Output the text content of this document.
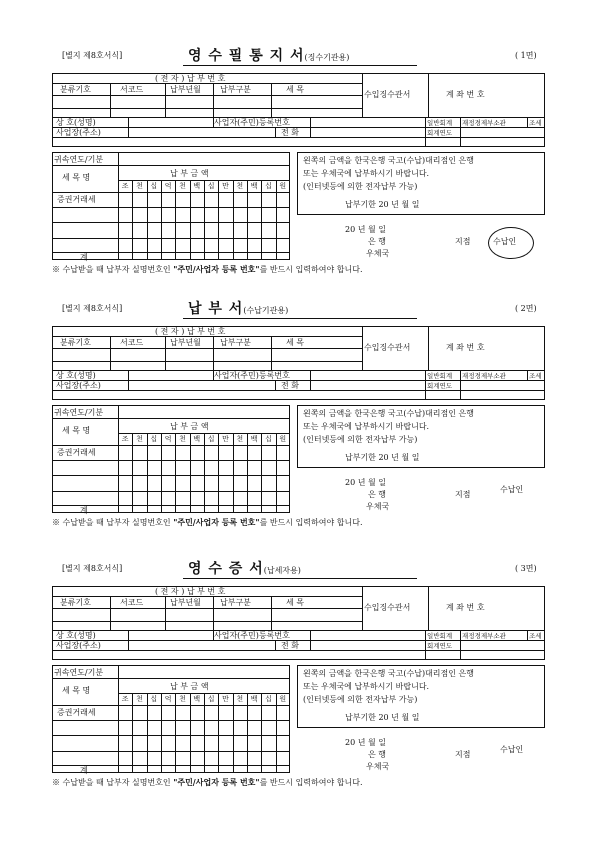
[별지 제8호서식]	영 수 필 통 지 서(징수기관용)	( 1면)
( 전 자 ) 납 부 번 호
분류기호	서코드	납부년월 납부구분	세 목
수입징수관서	계 좌 번 호
상 호(성명)	사업자(주민)등록번호
사업장(주소)	전 화
일반회계 재정경제부소관	조세
회계연도
조 천 십 억 천 백 십 만 천 백 십 원
귀속연도/기분
세 목 명	납 부 금 액
증권거래세
계
왼쪽의 금액을 한국은행 국고(수납)대리점인 은행
또는 우체국에 납부하시기 바랍니다.
(인터넷등에 의한 전자납부 가능)
납부기한 20 년 월 일
20 년 월 일
은 행	지점
우체국
수납인
※ 수납받을 때 납부자 실명번호인 "주민/사업자 등록 번호"를 반드시 입력하여야 합니다.
[별지 제8호서식]	납 부 서(수납기관용)	( 2면)
( 전 자 ) 납 부 번 호
분류기호	서코드	납부년월 납부구분	세 목
수입징수관서	계 좌 번 호
상 호(성명)	사업자(주민)등록번호
사업장(주소)	전 화
일반회계 재정경제부소관	조세
회계연도
조 천 십 억 천 백 십 만 천 백 십 원
귀속연도/기분
세 목 명	납 부 금 액
증권거래세
계
왼쪽의 금액을 한국은행 국고(수납)대리점인 은행
또는 우체국에 납부하시기 바랍니다.
(인터넷등에 의한 전자납부 가능)
납부기한 20 년 월 일
20 년 월 일
은 행	지점
우체국
수납인
※ 수납받을 때 납부자 실명번호인 "주민/사업자 등록 번호"를 반드시 입력하여야 합니다.
[별지 제8호서식]	영 수 증 서(납세자용)	( 3면)
( 전 자 ) 납 부 번 호
분류기호	서코드	납부년월 납부구분	세 목
수입징수관서	계 좌 번 호
상 호(성명)	사업자(주민)등록번호
사업장(주소)	전 화
일반회계 재정경제부소관	조세
회계연도
조 천 십 억 천 백 십 만 천 백 십 원
귀속연도/기분
세 목 명	납 부 금 액
증권거래세
계
왼쪽의 금액을 한국은행 국고(수납)대리점인 은행
또는 우체국에 납부하시기 바랍니다.
(인터넷등에 의한 전자납부 가능)
납부기한 20 년 월 일
20 년 월 일
은 행	지점
우체국
수납인
※ 수납받을 때 납부자 실명번호인 "주민/사업자 등록 번호"를 반드시 입력하여야 합니다.
